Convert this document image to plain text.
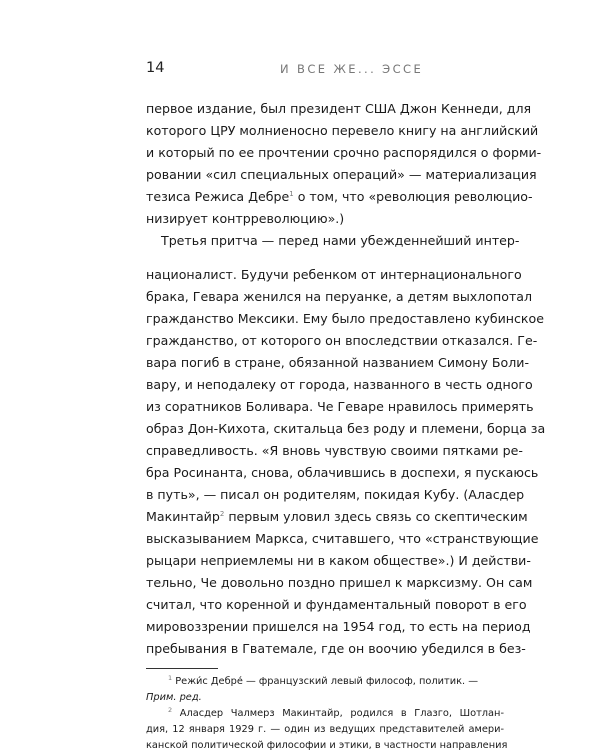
14	И ВСЕ ЖЕ... ЭССЕ
первое издание, был президент США Джон Кеннеди, для
которого ЦРУ молниеносно перевело книгу на английский
и который по ее прочтении срочно распорядился о форми-
ровании «сил специальных операций» — материализация
тезиса Режиса Дебре$^1$ о том, что «революция революцио-
низирует контрреволюцию».)
Третья притча — перед нами убежденнейший интер-
националист. Будучи ребенком от интернационального
брака, Гевара женился на перуанке, а детям выхлопотал
гражданство Мексики. Ему было предоставлено кубинское
гражданство, от которого он впоследствии отказался. Ге-
вара погиб в стране, обязанной названием Симону Боли-
вару, и неподалеку от города, названного в честь одного
из соратников Боливара. Че Геваре нравилось примерять
образ Дон-Кихота, скитальца без роду и племени, борца за
справедливость. «Я вновь чувствую своими пятками ре-
бра Росинанта, снова, облачившись в доспехи, я пускаюсь
в путь», — писал он родителям, покидая Кубу. (Аласдер
Макинтайр$^2$ первым уловил здесь связь со скептическим
высказыванием Маркса, считавшего, что «странствующие
рыцари неприемлемы ни в каком обществе».) И действи-
тельно, Че довольно поздно пришел к марксизму. Он сам
считал, что коренной и фундаментальный поворот в его
мировоззрении пришелся на 1954 год, то есть на период
пребывания в Гватемале, где он воочию убедился в без-
$^1$ Режи́с Дебре́ — французский левый философ, политик. —
Прим. ред.
$^2$ Аласдер Чалмерз Макинтайр, родился в Глазго, Шотлан-
дия, 12 января 1929 г. — один из ведущих представителей амери-
канской политической философии и этики, в частности направления
